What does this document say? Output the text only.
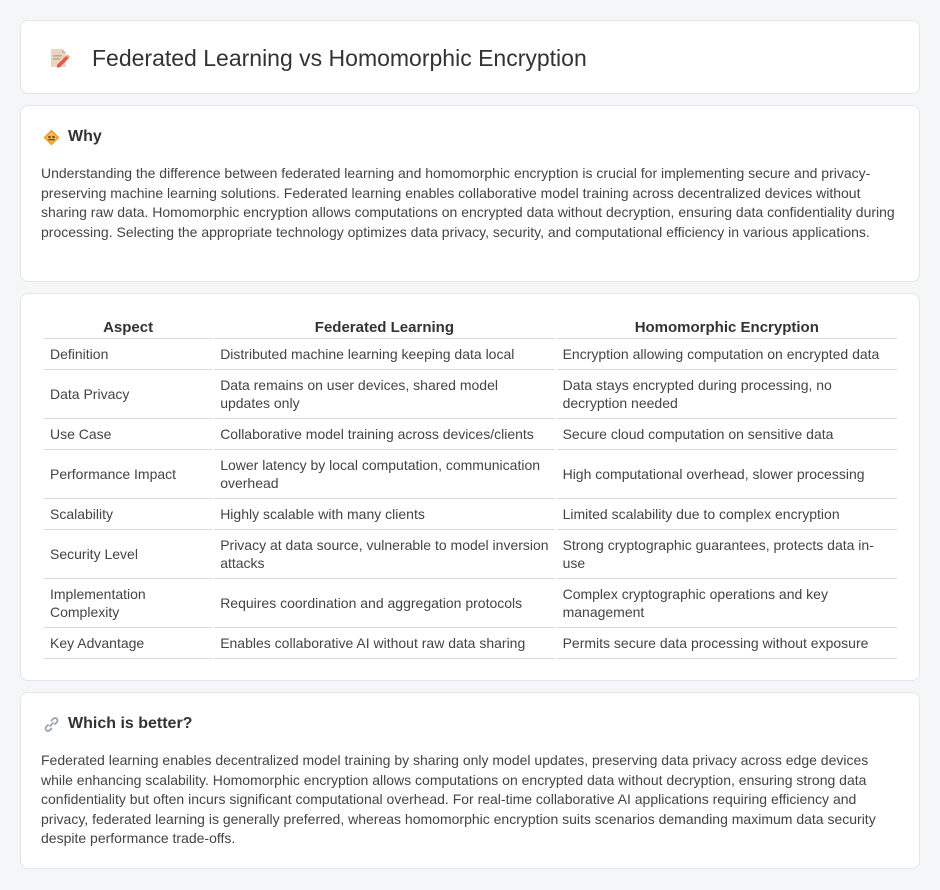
Federated Learning vs Homomorphic Encryption
Why

Understanding the difference between federated learning and homomorphic encryption is crucial for implementing secure and privacy-preserving machine learning solutions. Federated learning enables collaborative model training across decentralized devices without sharing raw data. Homomorphic encryption allows computations on encrypted data without decryption, ensuring data confidentiality during processing. Selecting the appropriate technology optimizes data privacy, security, and computational efficiency in various applications.

Aspect	Federated Learning	Homomorphic Encryption
Definition	Distributed machine learning keeping data local	Encryption allowing computation on encrypted data
Data Privacy	Data remains on user devices, shared model updates only	Data stays encrypted during processing, no decryption needed
Use Case	Collaborative model training across devices/clients	Secure cloud computation on sensitive data
Performance Impact	Lower latency by local computation, communication overhead	High computational overhead, slower processing
Scalability	Highly scalable with many clients	Limited scalability due to complex encryption
Security Level	Privacy at data source, vulnerable to model inversion attacks	Strong cryptographic guarantees, protects data in-use
Implementation Complexity	Requires coordination and aggregation protocols	Complex cryptographic operations and key management
Key Advantage	Enables collaborative AI without raw data sharing	Permits secure data processing without exposure
Which is better?

Federated learning enables decentralized model training by sharing only model updates, preserving data privacy across edge devices while enhancing scalability. Homomorphic encryption allows computations on encrypted data without decryption, ensuring strong data confidentiality but often incurs significant computational overhead. For real-time collaborative AI applications requiring efficiency and privacy, federated learning is generally preferred, whereas homomorphic encryption suits scenarios demanding maximum data security despite performance trade-offs.
